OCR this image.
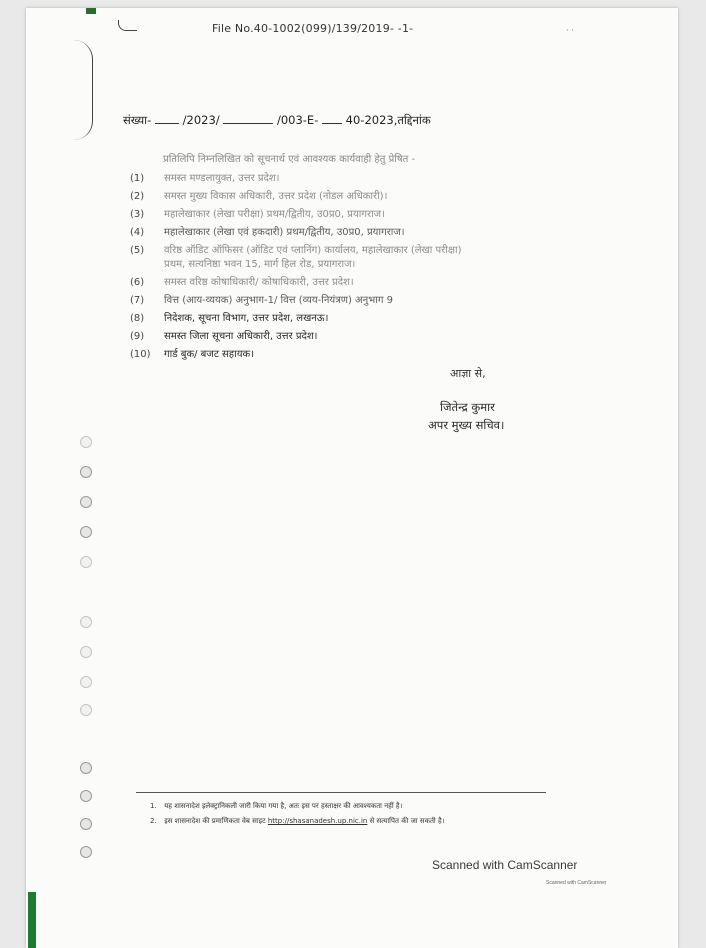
File No.40-1002(099)/139/2019- -1-	· ·
संख्या-	/2023/	/003-E- 40-2023,तद्दिनांक
प्रतिलिपि निम्नलिखित को सूचनार्थ एवं आवश्यक कार्यवाही हेतु प्रेषित -
(1)	समस्त मण्डलायुक्त, उत्तर प्रदेश।
(2)	समस्त मुख्य विकास अधिकारी, उत्तर प्रदेश (नोडल अधिकारी)।
(3)	महालेखाकार (लेखा परीक्षा) प्रथम/द्वितीय, उ0प्र0, प्रयागराज।
(4)	महालेखाकार (लेखा एवं हकदारी) प्रथम/द्वितीय, उ0प्र0, प्रयागराज।
(5)	वरिष्ठ ऑडिट ऑफिसर (ऑडिट एवं प्लानिंग) कार्यालय, महालेखाकार (लेखा परीक्षा)
प्रथम, सत्यनिष्ठा भवन 15, मार्ग हिल रोड, प्रयागराज।
(6)	समस्त वरिष्ठ कोषाधिकारी/ कोषाधिकारी, उत्तर प्रदेश।
(7)	वित्त (आय-व्ययक) अनुभाग-1/ वित्त (व्यय-नियंत्रण) अनुभाग 9
(8)	निदेशक, सूचना विभाग, उत्तर प्रदेश, लखनऊ।
(9)	समस्त जिला सूचना अधिकारी, उत्तर प्रदेश।
(10)	गार्ड बुक/ बजट सहायक।
आज्ञा से,
जितेन्द्र कुमार
अपर मुख्य सचिव।
1. यह शासनादेश इलेक्ट्रानिकली जारी किया गया है, अतः इस पर हस्ताक्षर की आवश्यकता नहीं है।
2. इस शासनादेश की प्रमाणिकता वेब साइट http://shasanadesh.up.nic.in से सत्यापित की जा सकती है।
Scanned with CamScanner
Scanned with CamScanner
